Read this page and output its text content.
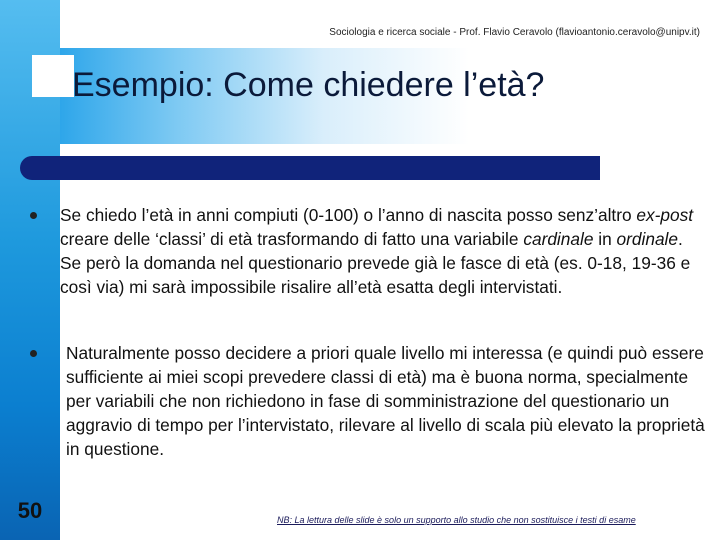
Sociologia e ricerca sociale - Prof. Flavio Ceravolo (flavioantonio.ceravolo@unipv.it)
Esempio: Come chiedere l’età?
Se chiedo l’età in anni compiuti (0-100) o l’anno di nascita posso senz’altro ex-post creare delle ‘classi’ di età trasformando di fatto una variabile cardinale in ordinale. Se però la domanda nel questionario prevede già le fasce di età (es. 0-18, 19-36 e così via) mi sarà impossibile risalire all’età esatta degli intervistati.
Naturalmente posso decidere a priori quale livello mi interessa (e quindi può essere sufficiente ai miei scopi prevedere classi di età) ma è buona norma, specialmente per variabili che non richiedono in fase di somministrazione del questionario un aggravio di tempo per l’intervistato, rilevare al livello di scala più elevato la proprietà in questione.
50	NB: La lettura delle slide è solo un supporto allo studio che non sostituisce i testi di esame
